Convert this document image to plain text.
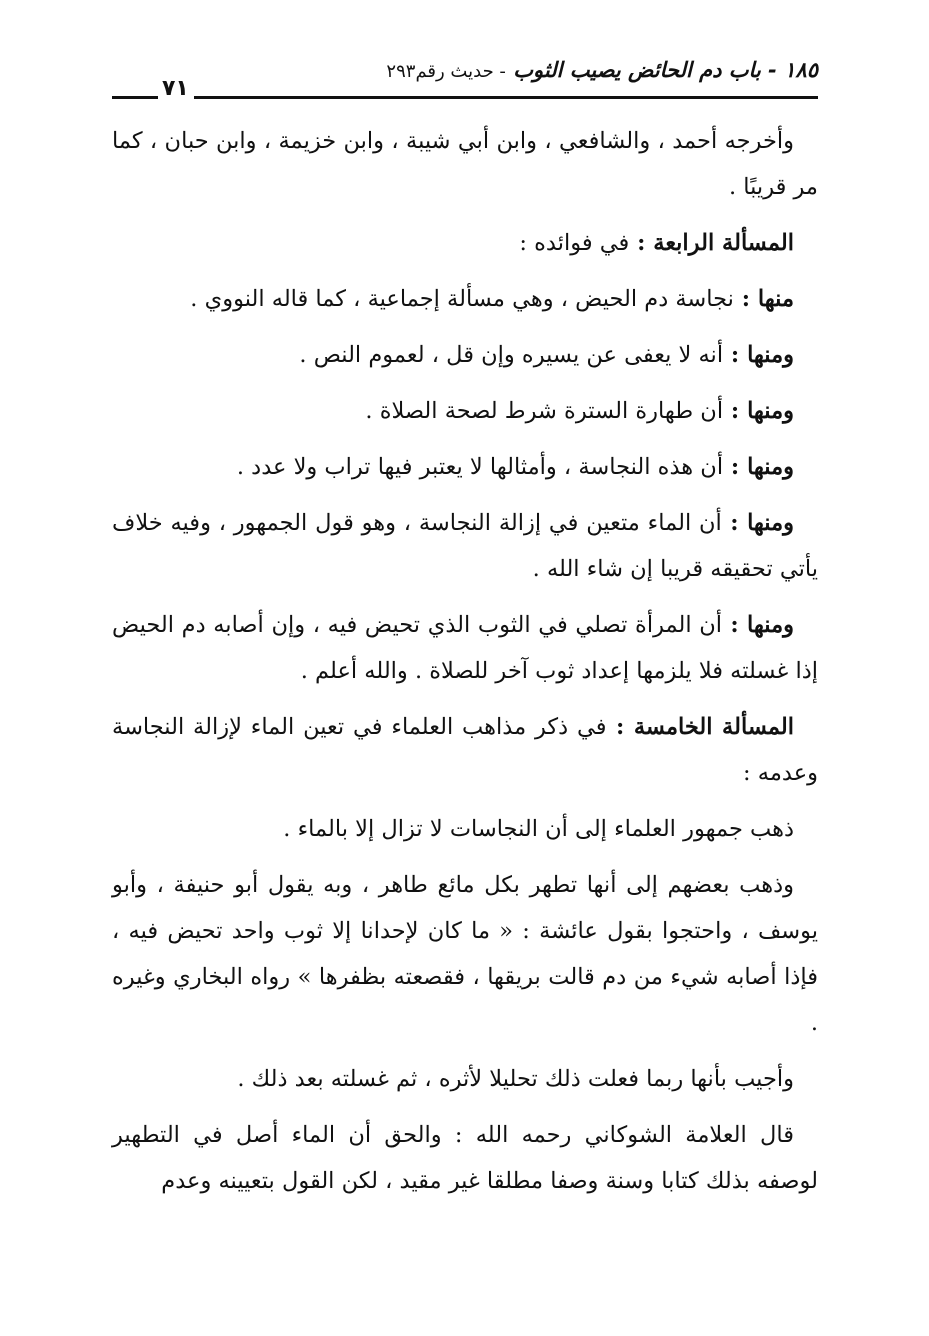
١٨٥ - باب دم الحائض يصيب الثوب - حديث رقم٢٩٣
٧١

وأخرجه أحمد ، والشافعي ، وابن أبي شيبة ، وابن خزيمة ، وابن حبان ، كما مر قريبًا .

المسألة الرابعة : في فوائده :

منها : نجاسة دم الحيض ، وهي مسألة إجماعية ، كما قاله النووي .

ومنها : أنه لا يعفى عن يسيره وإن قل ، لعموم النص .

ومنها : أن طهارة السترة شرط لصحة الصلاة .

ومنها : أن هذه النجاسة ، وأمثالها لا يعتبر فيها تراب ولا عدد .

ومنها : أن الماء متعين في إزالة النجاسة ، وهو قول الجمهور ، وفيه خلاف يأتي تحقيقه قريبا إن شاء الله .

ومنها : أن المرأة تصلي في الثوب الذي تحيض فيه ، وإن أصابه دم الحيض إذا غسلته فلا يلزمها إعداد ثوب آخر للصلاة . والله أعلم .

المسألة الخامسة : في ذكر مذاهب العلماء في تعين الماء لإزالة النجاسة وعدمه :

ذهب جمهور العلماء إلى أن النجاسات لا تزال إلا بالماء .

وذهب بعضهم إلى أنها تطهر بكل مائع طاهر ، وبه يقول أبو حنيفة ، وأبو يوسف ، واحتجوا بقول عائشة : « ما كان لإحدانا إلا ثوب واحد تحيض فيه ، فإذا أصابه شيء من دم قالت بريقها ، فقصعته بظفرها » رواه البخاري وغيره .

وأجيب بأنها ربما فعلت ذلك تحليلا لأثره ، ثم غسلته بعد ذلك .

قال العلامة الشوكاني رحمه الله : والحق أن الماء أصل في التطهير لوصفه بذلك كتابا وسنة وصفا مطلقا غير مقيد ، لكن القول بتعيينه وعدم
